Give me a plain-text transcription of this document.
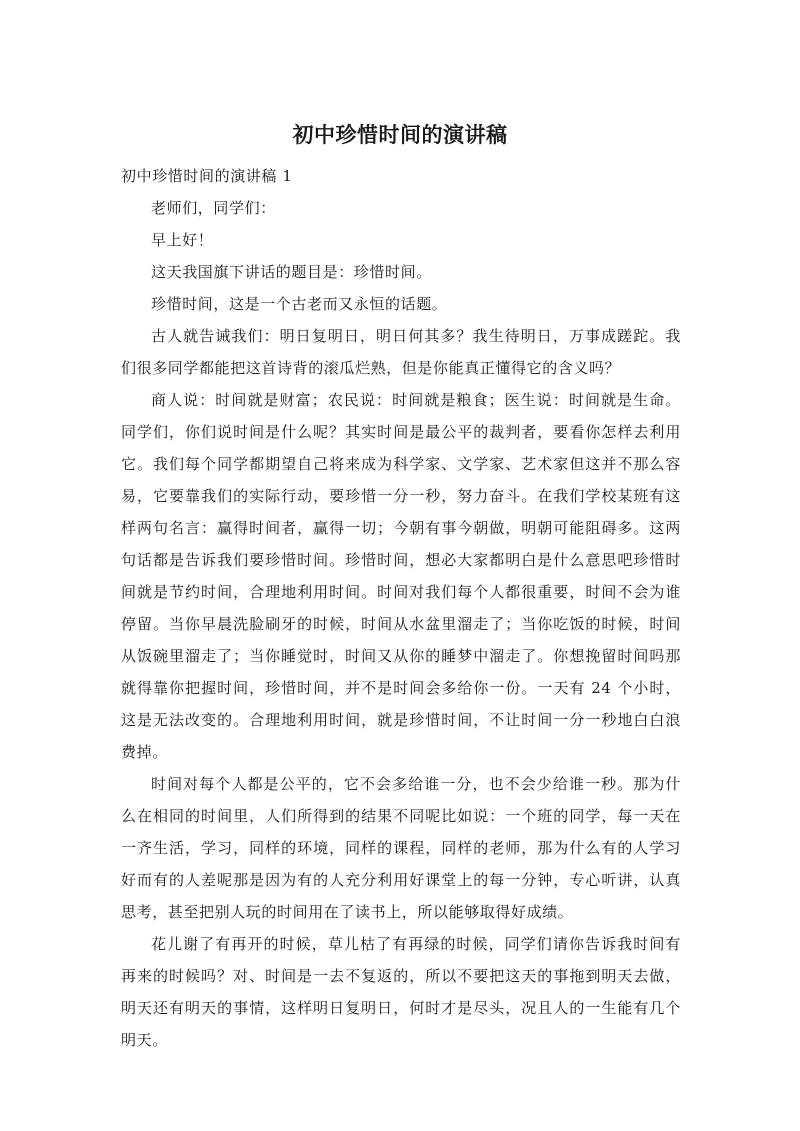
初中珍惜时间的演讲稿

初中珍惜时间的演讲稿 1

老师们，同学们：

早上好！

这天我国旗下讲话的题目是：珍惜时间。

珍惜时间，这是一个古老而又永恒的话题。

古人就告诫我们：明日复明日，明日何其多？我生待明日，万事成蹉跎。我们很多同学都能把这首诗背的滚瓜烂熟，但是你能真正懂得它的含义吗？

商人说：时间就是财富；农民说：时间就是粮食；医生说：时间就是生命。同学们，你们说时间是什么呢？其实时间是最公平的裁判者，要看你怎样去利用它。我们每个同学都期望自己将来成为科学家、文学家、艺术家但这并不那么容易，它要靠我们的实际行动，要珍惜一分一秒，努力奋斗。在我们学校某班有这样两句名言：赢得时间者，赢得一切；今朝有事今朝做，明朝可能阻碍多。这两句话都是告诉我们要珍惜时间。珍惜时间，想必大家都明白是什么意思吧珍惜时间就是节约时间，合理地利用时间。时间对我们每个人都很重要，时间不会为谁停留。当你早晨洗脸刷牙的时候，时间从水盆里溜走了；当你吃饭的时候，时间从饭碗里溜走了；当你睡觉时，时间又从你的睡梦中溜走了。你想挽留时间吗那就得靠你把握时间，珍惜时间，并不是时间会多给你一份。一天有 24 个小时，这是无法改变的。合理地利用时间，就是珍惜时间，不让时间一分一秒地白白浪费掉。

时间对每个人都是公平的，它不会多给谁一分，也不会少给谁一秒。那为什么在相同的时间里，人们所得到的结果不同呢比如说：一个班的同学，每一天在一齐生活，学习，同样的环境，同样的课程，同样的老师，那为什么有的人学习好而有的人差呢那是因为有的人充分利用好课堂上的每一分钟，专心听讲，认真思考，甚至把别人玩的时间用在了读书上，所以能够取得好成绩。

花儿谢了有再开的时候，草儿枯了有再绿的时候，同学们请你告诉我时间有再来的时候吗？对、时间是一去不复返的，所以不要把这天的事拖到明天去做，明天还有明天的事情，这样明日复明日，何时才是尽头，况且人的一生能有几个明天。
